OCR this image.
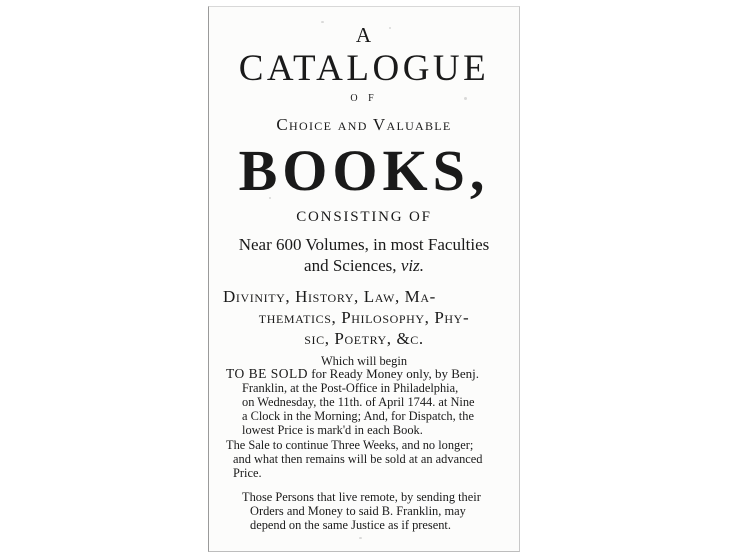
A

CATALOGUE

O F

Choice and Valuable

BOOKS,

CONSISTING OF

Near 600 Volumes, in most Faculties

and Sciences, viz.

Divinity, History, Law, Ma-

thematics, Philosophy, Phy-

sic, Poetry, &c.

Which will begin

TO BE SOLD for Ready Money only, by Benj.

Franklin, at the Post-Office in Philadelphia,

on Wednesday, the 11th. of April 1744. at Nine

a Clock in the Morning; And, for Dispatch, the

lowest Price is mark'd in each Book.

The Sale to continue Three Weeks, and no longer;

and what then remains will be sold at an advanced

Price.

Those Persons that live remote, by sending their

Orders and Money to said B. Franklin, may

depend on the same Justice as if present.
